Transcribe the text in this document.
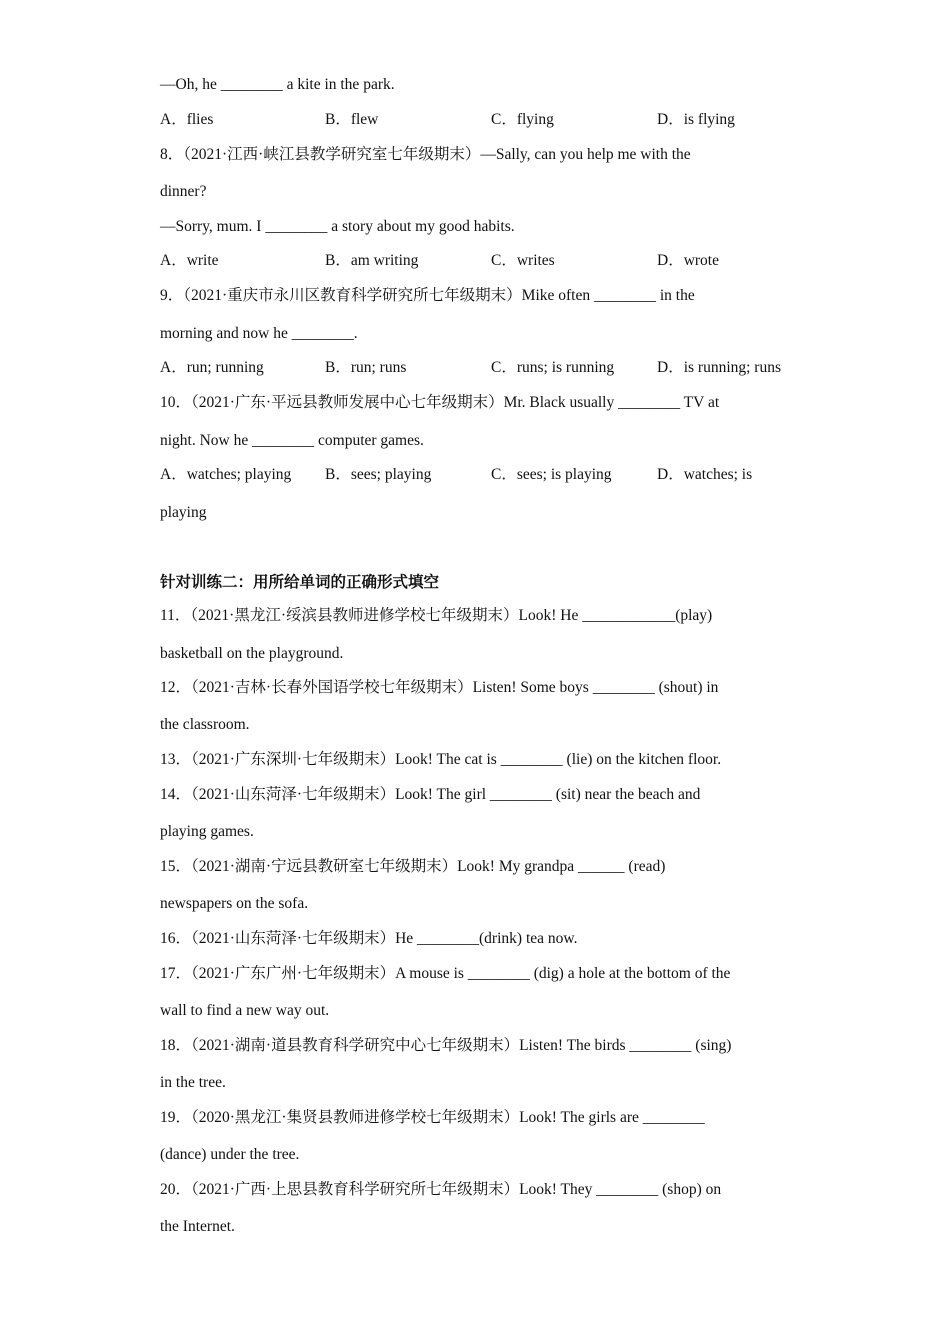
—Oh, he ________ a kite in the park.
A．flies	B．flew	C．flying	D．is flying
8．（2021·江西·峡江县教学研究室七年级期末）—Sally, can you help me with the
dinner?
—Sorry, mum. I ________ a story about my good habits.
A．write	B．am writing	C．writes	D．wrote
9．（2021·重庆市永川区教育科学研究所七年级期末）Mike often ________ in the
morning and now he ________.
A．run; running	B．run; runs	C．runs; is running	D．is running; runs
10．（2021·广东·平远县教师发展中心七年级期末）Mr. Black usually ________ TV at
night. Now he ________ computer games.
A．watches; playing B．sees; playing	C．sees; is playing	D．watches; is
playing
针对训练二：用所给单词的正确形式填空
11．（2021·黑龙江·绥滨县教师进修学校七年级期末）Look! He ____________(play)
basketball on the playground.
12．（2021·吉林·长春外国语学校七年级期末）Listen! Some boys ________ (shout) in
the classroom.
13．（2021·广东深圳·七年级期末）Look! The cat is ________ (lie) on the kitchen floor.
14．（2021·山东菏泽·七年级期末）Look! The girl ________ (sit) near the beach and
playing games.
15．（2021·湖南·宁远县教研室七年级期末）Look! My grandpa ______ (read)
newspapers on the sofa.
16．（2021·山东菏泽·七年级期末）He ________(drink) tea now.
17．（2021·广东广州·七年级期末）A mouse is ________ (dig) a hole at the bottom of the
wall to find a new way out.
18．（2021·湖南·道县教育科学研究中心七年级期末）Listen! The birds ________ (sing)
in the tree.
19．（2020·黑龙江·集贤县教师进修学校七年级期末）Look! The girls are ________
(dance) under the tree.
20．（2021·广西·上思县教育科学研究所七年级期末）Look! They ________ (shop) on
the Internet.
